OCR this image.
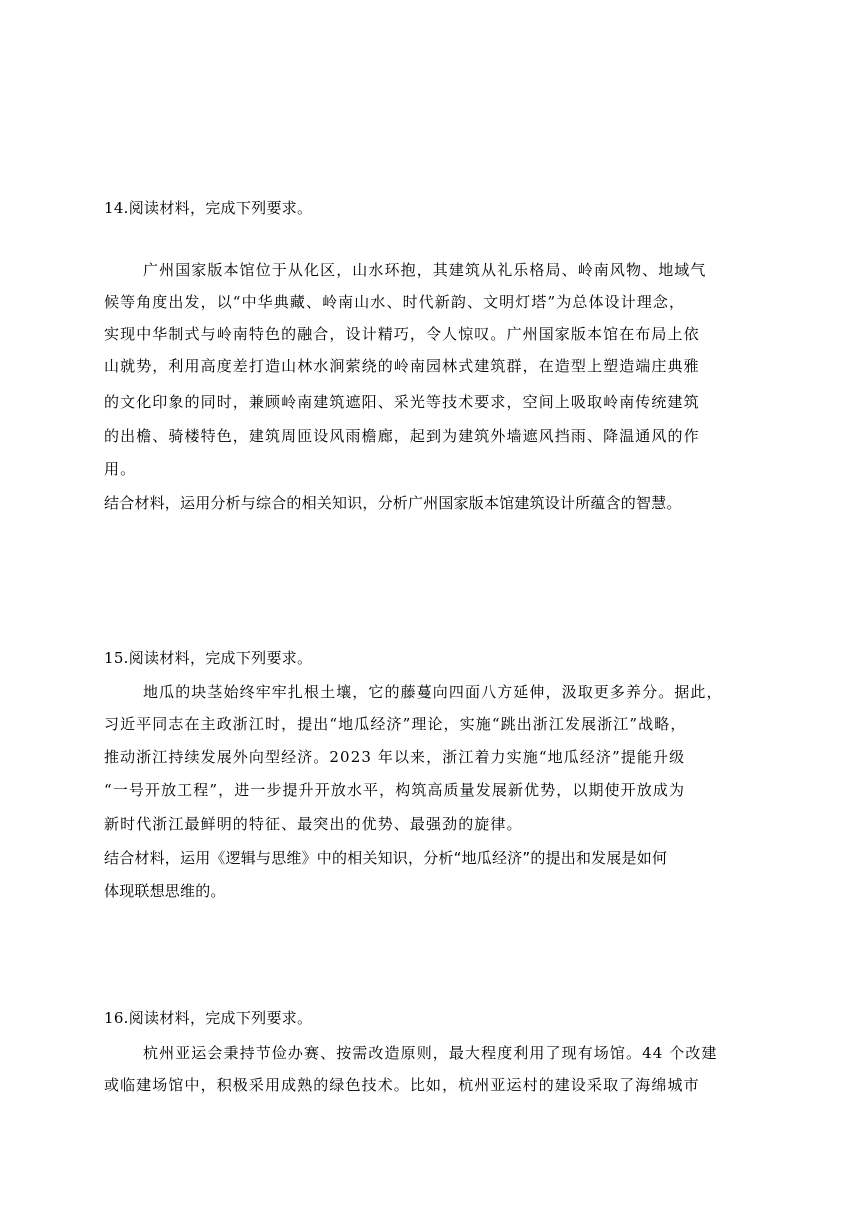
14.阅读材料，完成下列要求。
广州国家版本馆位于从化区，山水环抱，其建筑从礼乐格局、岭南风物、地域气
候等角度出发，以“中华典藏、岭南山水、时代新韵、文明灯塔”为总体设计理念，
实现中华制式与岭南特色的融合，设计精巧，令人惊叹。广州国家版本馆在布局上依
山就势，利用高度差打造山林水涧萦绕的岭南园林式建筑群，在造型上塑造端庄典雅
的文化印象的同时，兼顾岭南建筑遮阳、采光等技术要求，空间上吸取岭南传统建筑
的出檐、骑楼特色，建筑周匝设风雨檐廊，起到为建筑外墙遮风挡雨、降温通风的作
用。
结合材料，运用分析与综合的相关知识，分析广州国家版本馆建筑设计所蕴含的智慧。
15.阅读材料，完成下列要求。
地瓜的块茎始终牢牢扎根土壤，它的藤蔓向四面八方延伸，汲取更多养分。据此，
习近平同志在主政浙江时，提出“地瓜经济”理论，实施“跳出浙江发展浙江”战略，
推动浙江持续发展外向型经济。2023 年以来，浙江着力实施“地瓜经济”提能升级
“一号开放工程”，进一步提升开放水平，构筑高质量发展新优势，以期使开放成为
新时代浙江最鲜明的特征、最突出的优势、最强劲的旋律。
结合材料，运用《逻辑与思维》中的相关知识，分析“地瓜经济”的提出和发展是如何
体现联想思维的。
16.阅读材料，完成下列要求。
杭州亚运会秉持节俭办赛、按需改造原则，最大程度利用了现有场馆。44 个改建
或临建场馆中，积极采用成熟的绿色技术。比如，杭州亚运村的建设采取了海绵城市
